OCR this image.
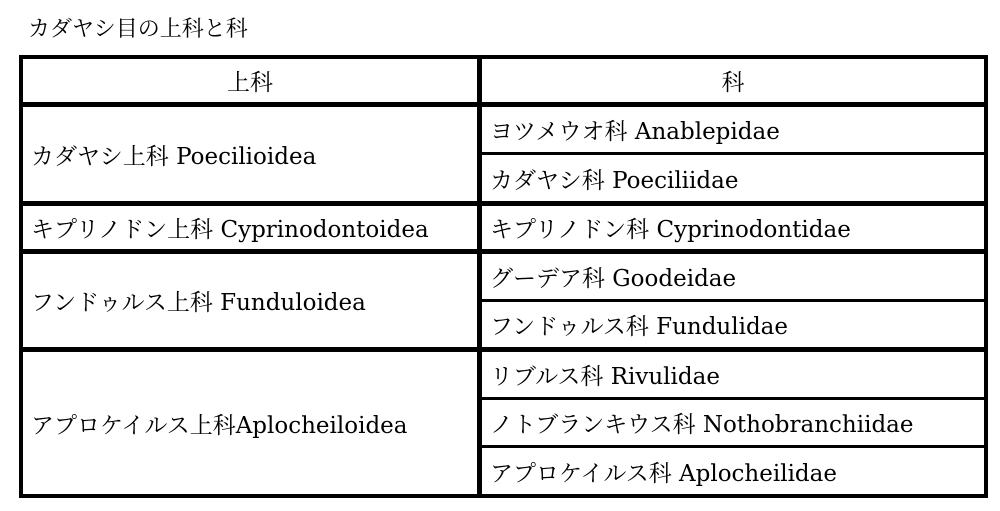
カダヤシ目の上科と科
上科	科
カダヤシ上科 Poecilioidea
キプリノドン上科 Cyprinodontoidea
フンドゥルス上科 Funduloidea
アプロケイルス上科Aplocheiloidea
ヨツメウオ科 Anablepidae
カダヤシ科 Poeciliidae
キプリノドン科 Cyprinodontidae
グーデア科 Goodeidae
フンドゥルス科 Fundulidae
リブルス科 Rivulidae
ノトブランキウス科 Nothobranchiidae
アプロケイルス科 Aplocheilidae
